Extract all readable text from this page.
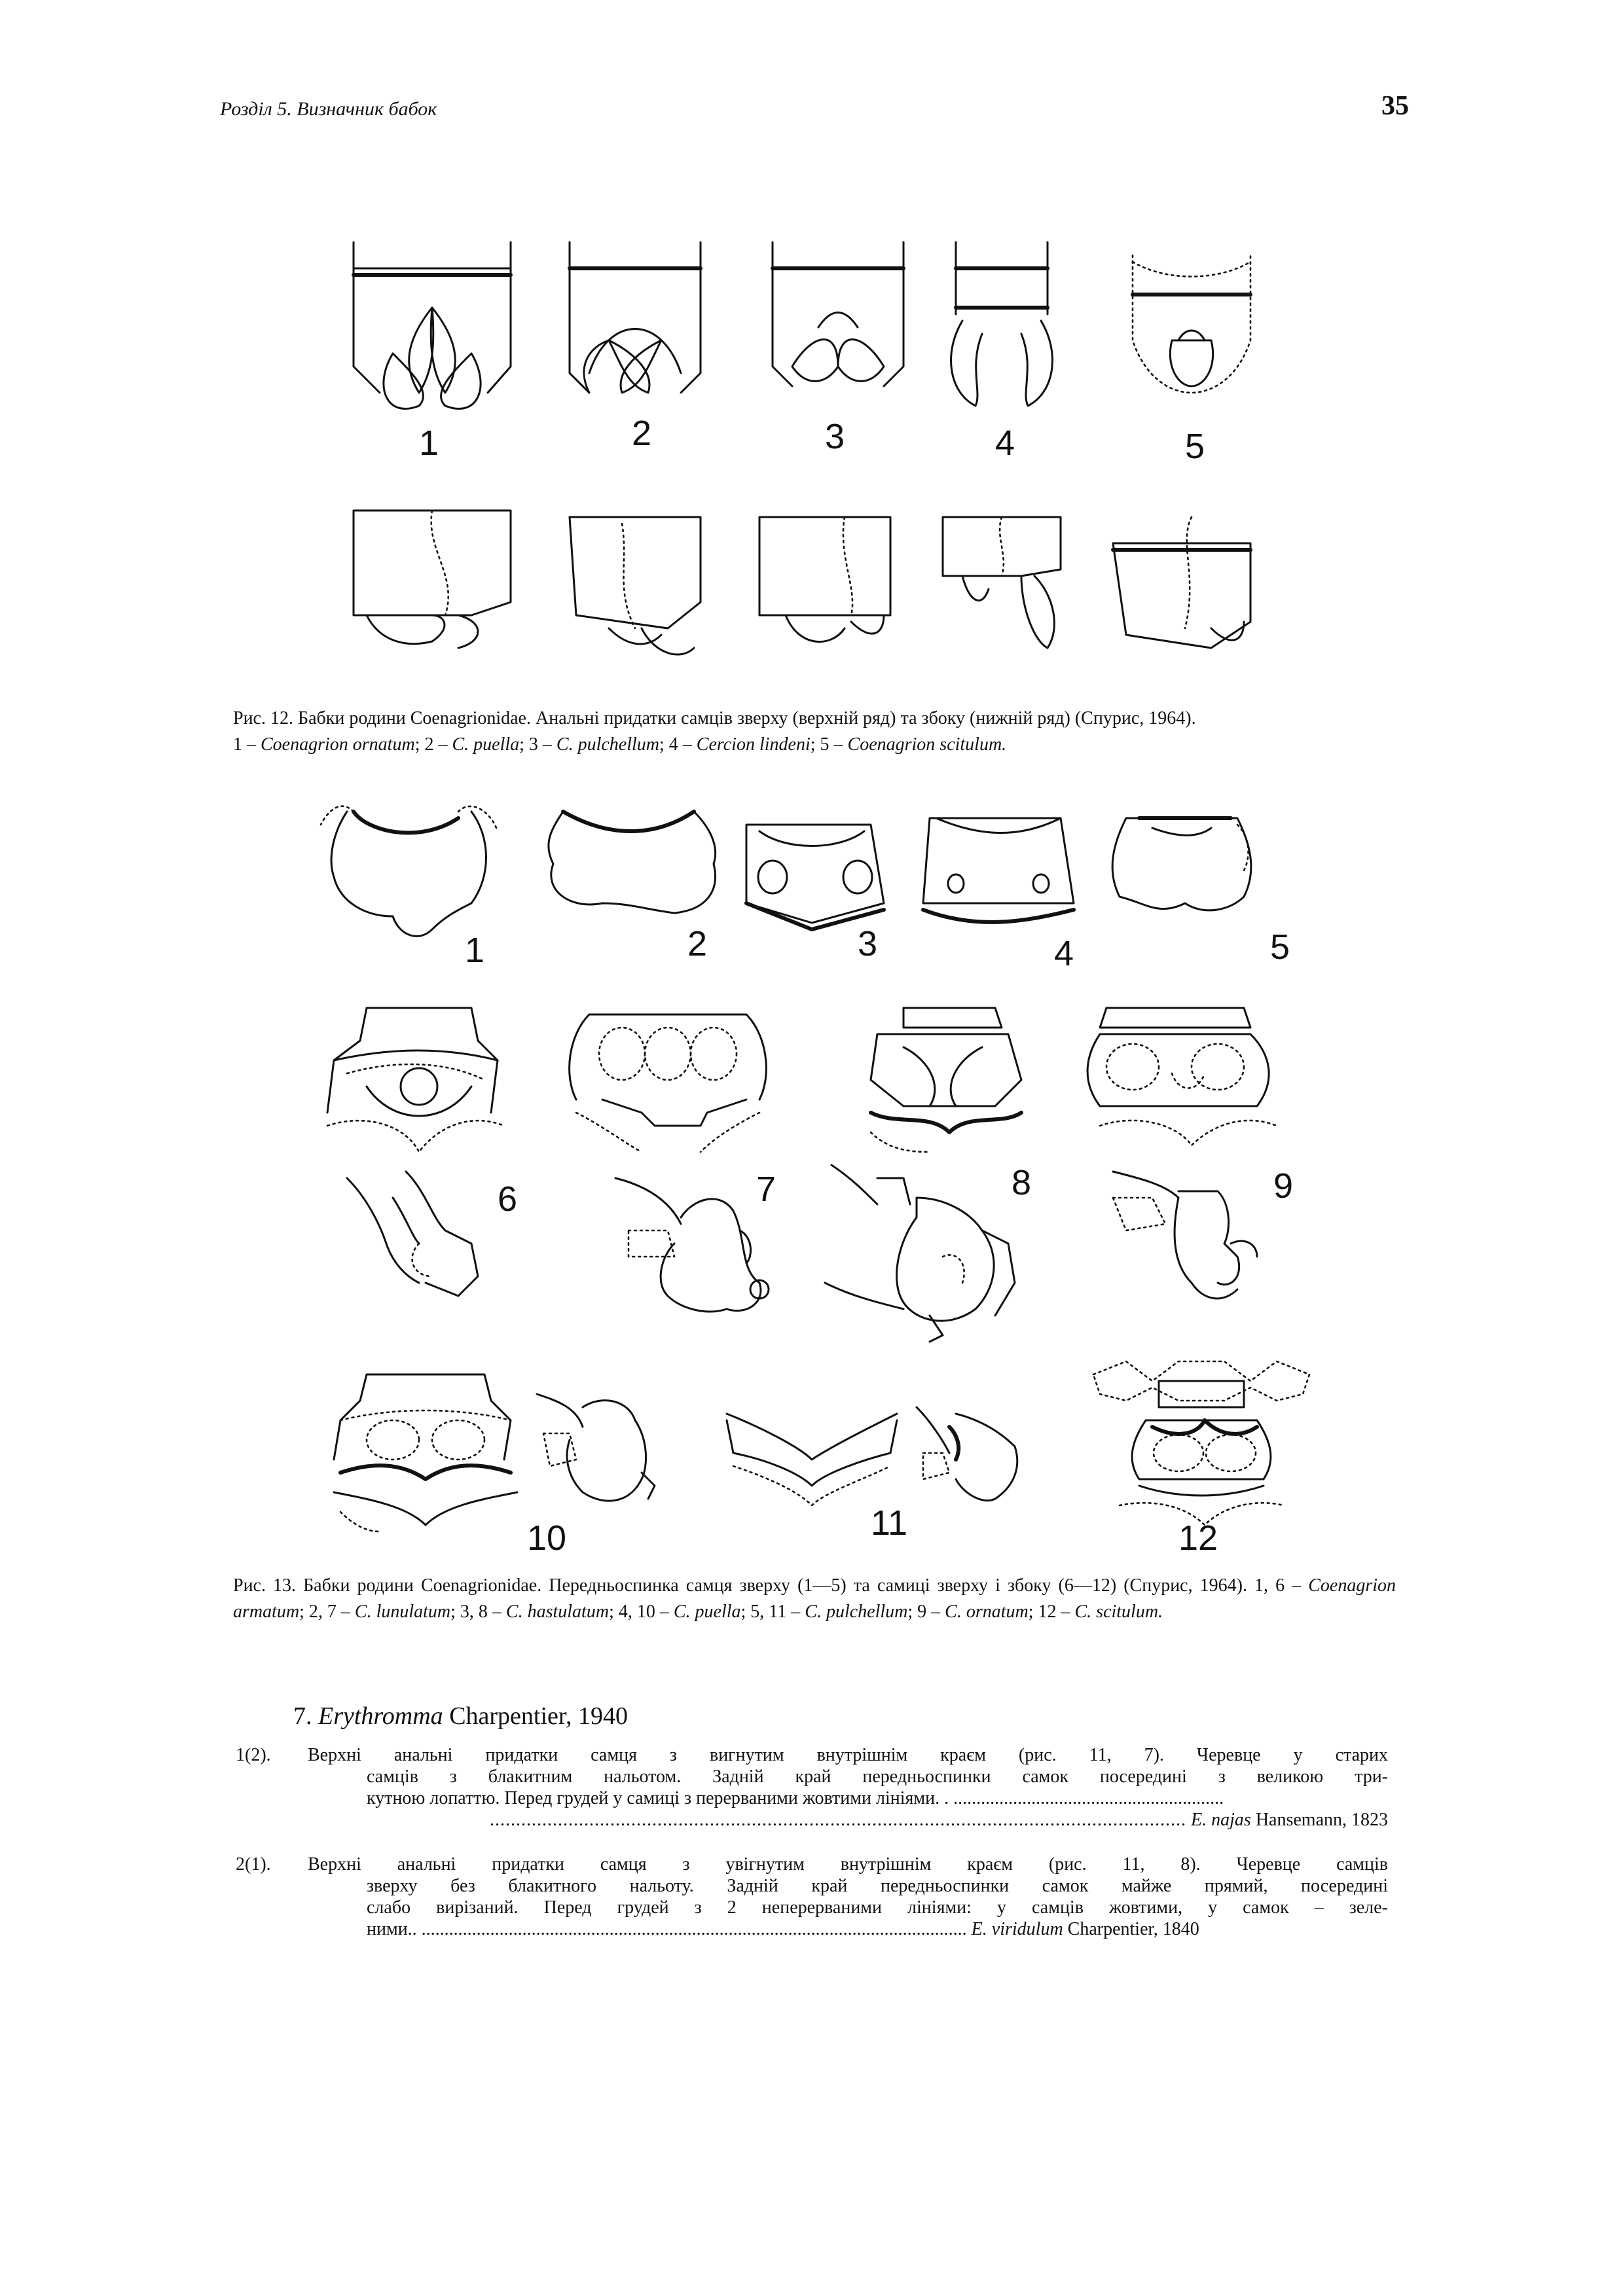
Розділ 5. Визначник бабок	35
1	2	3	4	5
Рис. 12. Бабки родини Coenagrionidae. Анальні придатки самців зверху (верхній ряд) та збоку (нижній ряд) (Спурис, 1964).
1 – Coenagrion ornatum; 2 – C. puella; 3 – C. pulchellum; 4 – Cercion lindeni; 5 – Coenagrion scitulum.
1	2	3	4	5
6	7	8	9
10	11	12
Рис. 13. Бабки родини Coenagrionidae. Передньоспинка самця зверху (1—5) та самиці зверху і збоку (6—12) (Спурис, 1964). 1, 6 – Coenagrion armatum; 2, 7 – C. lunulatum; 3, 8 – C. hastulatum; 4, 10 – C. puella; 5, 11 – C. pulchellum; 9 – C. ornatum; 12 – C. scitulum.
7. Erythromma Charpentier, 1940
1(2).	Верхні анальні придатки самця з вигнутим внутрішнім краєм (рис. 11, 7). Черевце у старих
самців з блакитним нальотом. Задній край передньоспинки самок посередині з великою три-
кутною лопаттю. Перед грудей у самиці з перерваними жовтими лініями. . ...........................................................
..................................................................................................................................... E. najas Hansemann, 1823
2(1).	Верхні анальні придатки самця з увігнутим внутрішнім краєм (рис. 11, 8). Черевце самців
зверху без блакитного нальоту. Задній край передньоспинки самок майже прямий, посередині
слабо вирізаний. Перед грудей з 2 неперерваними лініями: у самців жовтими, у самок – зеле-
ними.. ....................................................................................................................... E. viridulum Charpentier, 1840
